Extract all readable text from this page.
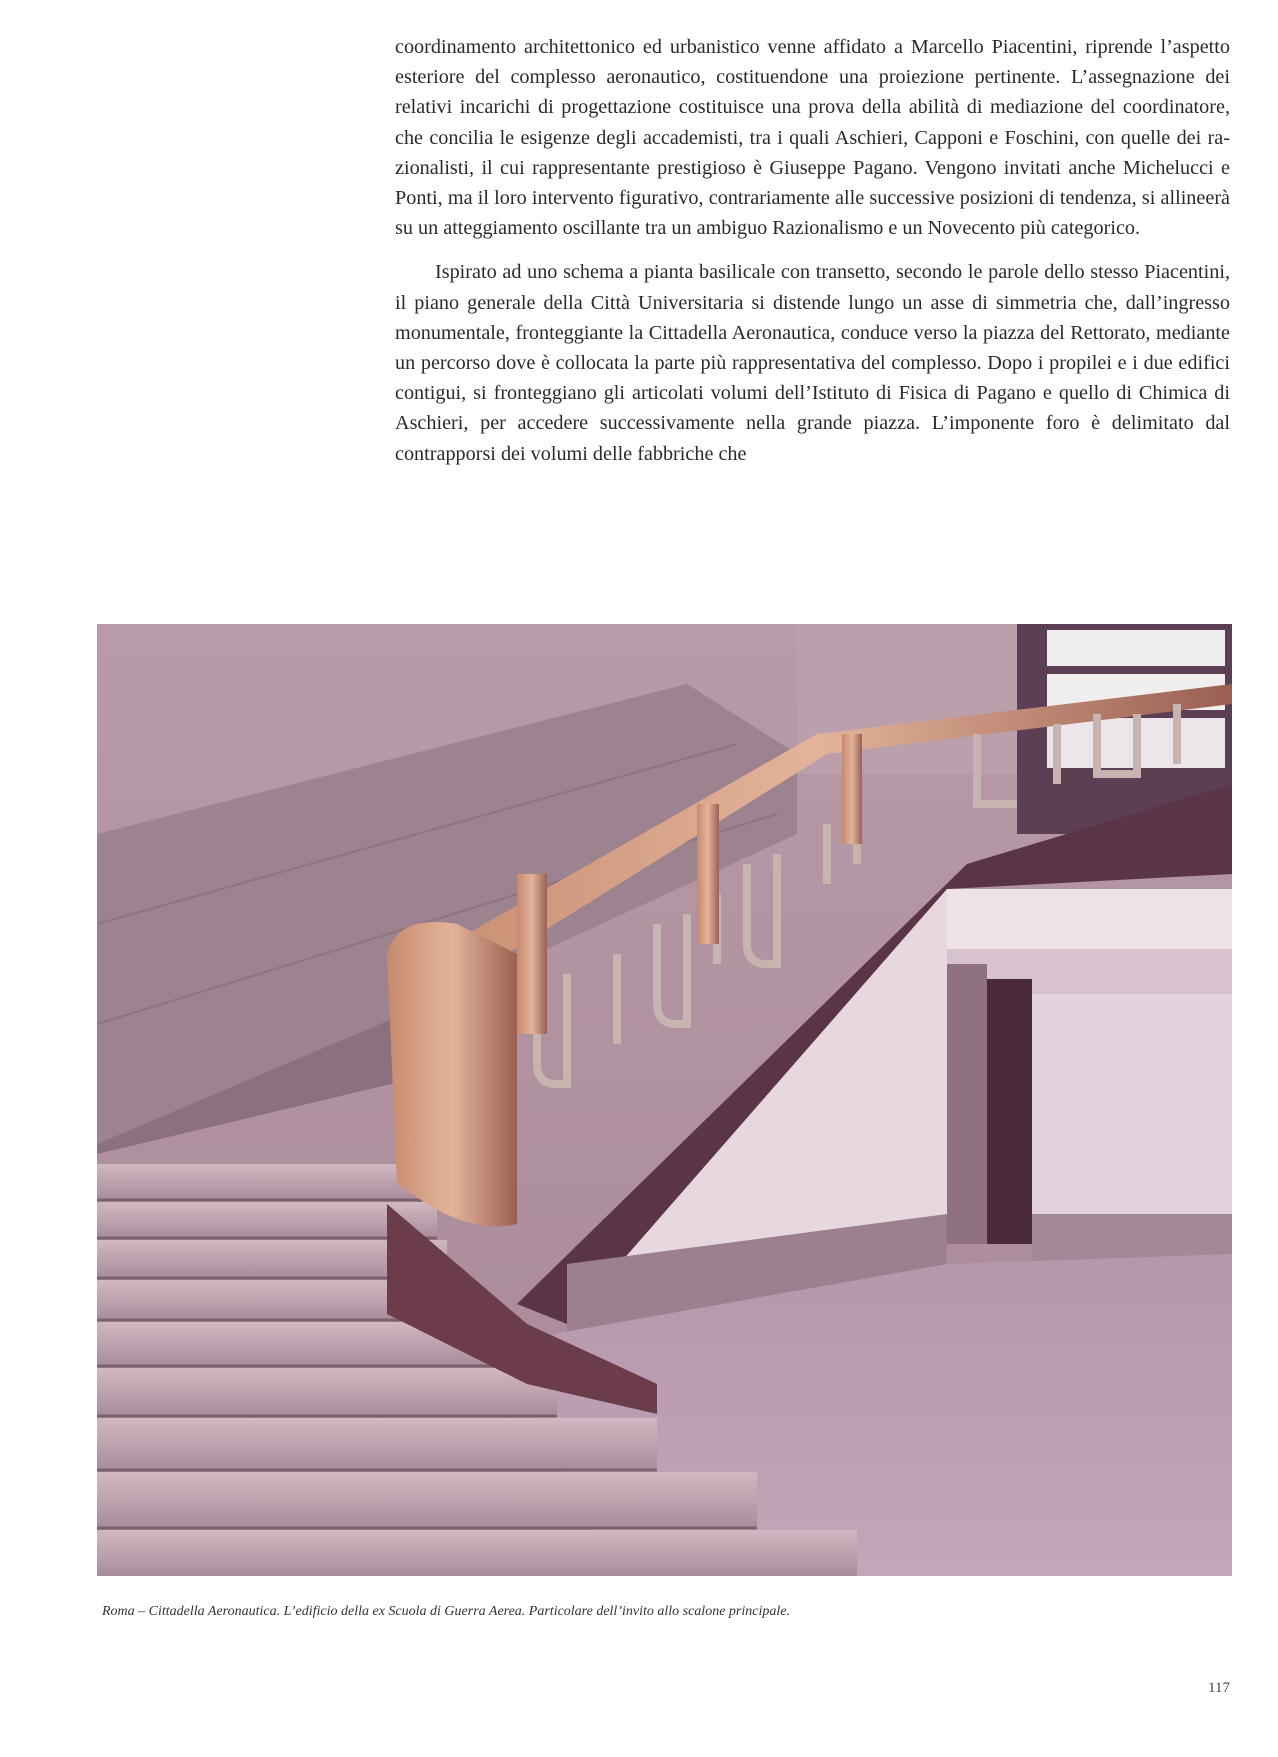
coordinamento architettonico ed urbanistico venne affidato a Marcello Piacentini, riprende l’aspetto esteriore del complesso aeronautico, costituendone una proiezione pertinente. L’assegnazione dei relativi incarichi di progettazione costituisce una prova della abilità di mediazione del coordinatore, che concilia le esigenze degli accademisti, tra i quali Aschieri, Capponi e Foschini, con quelle dei razionalisti, il cui rappresentante prestigioso è Giuseppe Pagano. Vengono invitati anche Michelucci e Ponti, ma il loro intervento figurativo, contrariamente alle successive posizioni di tendenza, si allineerà su un atteggiamento oscillante tra un ambiguo Razionalismo e un Novecento più categorico.

Ispirato ad uno schema a pianta basilicale con transetto, secondo le parole dello stesso Piacentini, il piano generale della Città Universitaria si distende lungo un asse di simmetria che, dall’ingresso monumentale, fronteggiante la Cittadella Aeronautica, conduce verso la piazza del Rettorato, mediante un percorso dove è collocata la parte più rappresentativa del complesso. Dopo i propilei e i due edifici contigui, si fronteggiano gli articolati volumi dell’Istituto di Fisica di Pagano e quello di Chimica di Aschieri, per accedere successivamente nella grande piazza. L’imponente foro è delimitato dal contrapporsi dei volumi delle fabbriche che

Roma – Cittadella Aeronautica. L’edificio della ex Scuola di Guerra Aerea. Particolare dell’invito allo scalone principale.
117
